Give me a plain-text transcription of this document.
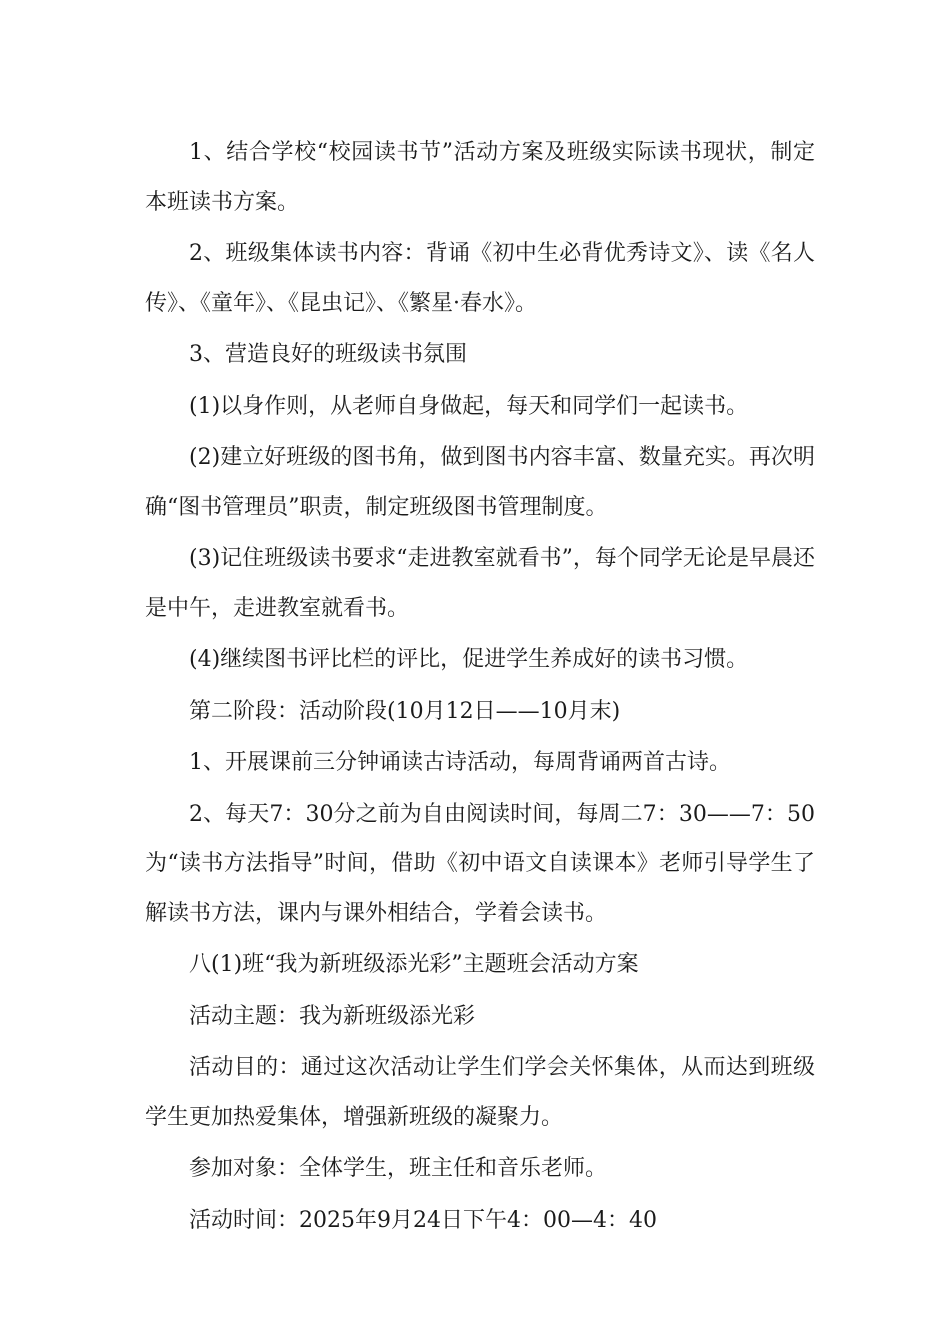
1、结合学校“校园读书节”活动方案及班级实际读书现状，制定本班读书方案。

2、班级集体读书内容：背诵《初中生必背优秀诗文》、读《名人传》、《童年》、《昆虫记》、《繁星·春水》。

3、营造良好的班级读书氛围

(1)以身作则，从老师自身做起，每天和同学们一起读书。

(2)建立好班级的图书角，做到图书内容丰富、数量充实。再次明确“图书管理员”职责，制定班级图书管理制度。

(3)记住班级读书要求“走进教室就看书”，每个同学无论是早晨还是中午，走进教室就看书。

(4)继续图书评比栏的评比，促进学生养成好的读书习惯。

第二阶段：活动阶段(10月12日——10月末)

1、开展课前三分钟诵读古诗活动，每周背诵两首古诗。

2、每天7：30分之前为自由阅读时间，每周二7：30——7：50为“读书方法指导”时间，借助《初中语文自读课本》老师引导学生了解读书方法，课内与课外相结合，学着会读书。

八(1)班“我为新班级添光彩”主题班会活动方案

活动主题：我为新班级添光彩

活动目的：通过这次活动让学生们学会关怀集体，从而达到班级学生更加热爱集体，增强新班级的凝聚力。

参加对象：全体学生，班主任和音乐老师。

活动时间：2025年9月24日下午4：00—4：40
